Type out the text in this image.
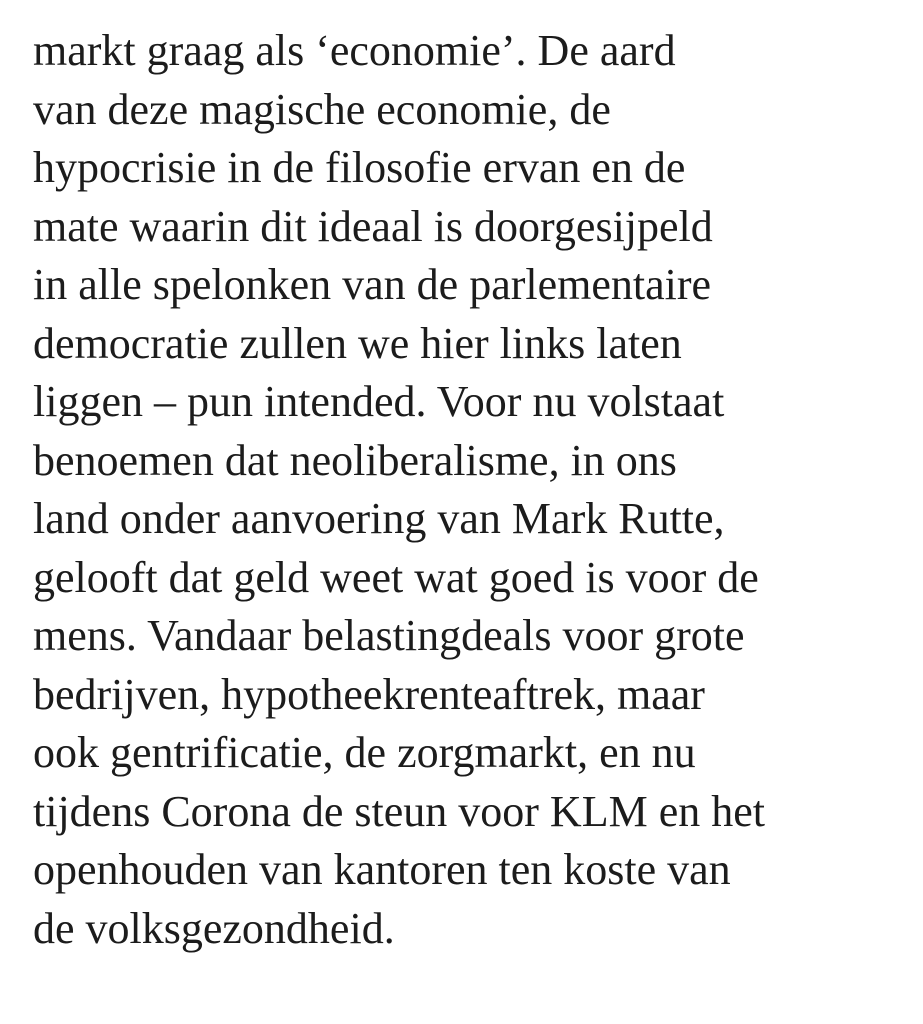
markt graag als ‘economie’. De aard
van deze magische economie, de
hypocrisie in de filosofie ervan en de
mate waarin dit ideaal is doorgesijpeld
in alle spelonken van de parlementaire
democratie zullen we hier links laten
liggen – pun intended. Voor nu volstaat
benoemen dat neoliberalisme, in ons
land onder aanvoering van Mark Rutte,
gelooft dat geld weet wat goed is voor de
mens. Vandaar belastingdeals voor grote
bedrijven, hypotheekrenteaftrek, maar
ook gentrificatie, de zorgmarkt, en nu
tijdens Corona de steun voor KLM en het
openhouden van kantoren ten koste van
de volksgezondheid.
